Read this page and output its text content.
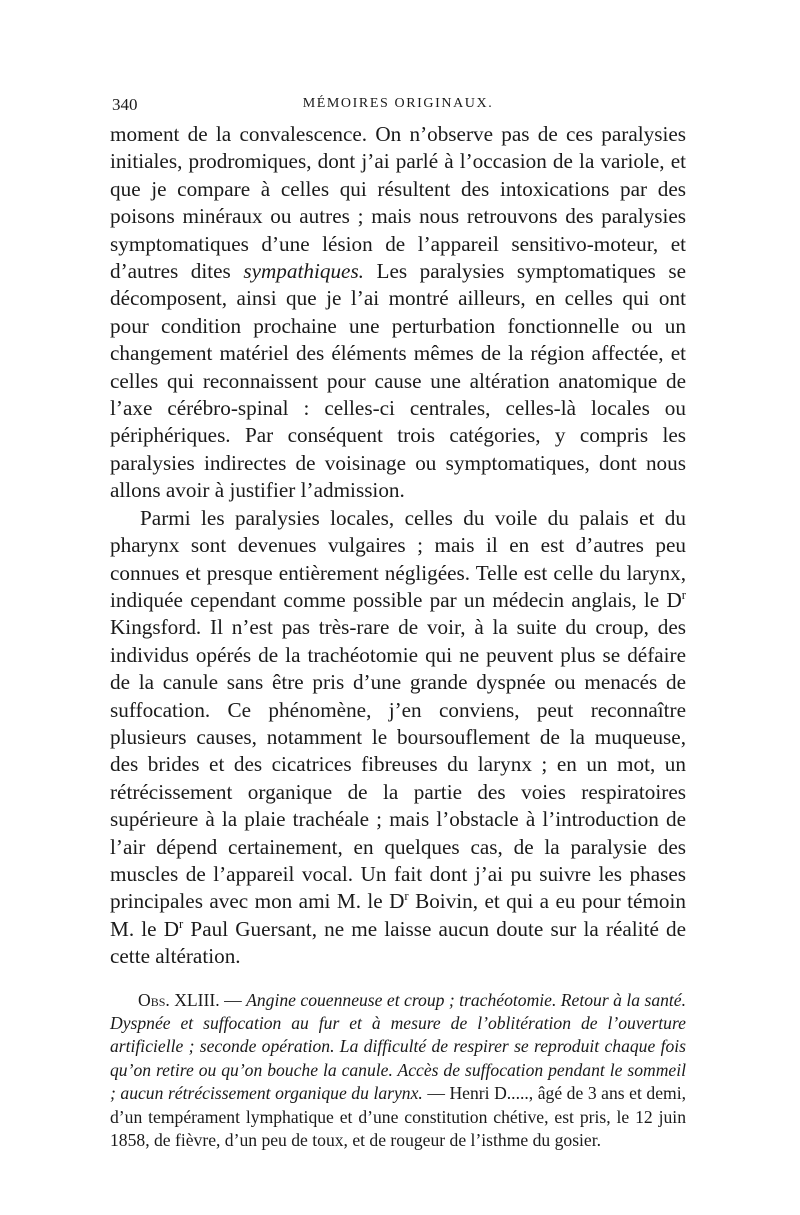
340	MÉMOIRES ORIGINAUX.

moment de la convalescence. On n’observe pas de ces paralysies initiales, prodromiques, dont j’ai parlé à l’occasion de la variole, et que je compare à celles qui résultent des intoxications par des poisons minéraux ou autres ; mais nous retrouvons des paralysies symptomatiques d’une lésion de l’appareil sensitivo-moteur, et d’autres dites sympathiques. Les paralysies symptomatiques se décomposent, ainsi que je l’ai montré ailleurs, en celles qui ont pour condition prochaine une perturbation fonctionnelle ou un changement matériel des éléments mêmes de la région affectée, et celles qui reconnaissent pour cause une altération anatomique de l’axe cérébro-spinal : celles-ci centrales, celles-là locales ou périphériques. Par conséquent trois catégories, y compris les paralysies indirectes de voisinage ou symptomatiques, dont nous allons avoir à justifier l’admission.

Parmi les paralysies locales, celles du voile du palais et du pharynx sont devenues vulgaires ; mais il en est d’autres peu connues et presque entièrement négligées. Telle est celle du larynx, indiquée cependant comme possible par un médecin anglais, le $D^r$ Kingsford. Il n’est pas très-rare de voir, à la suite du croup, des individus opérés de la trachéotomie qui ne peuvent plus se défaire de la canule sans être pris d’une grande dyspnée ou menacés de suffocation. Ce phénomène, j’en conviens, peut reconnaître plusieurs causes, notamment le boursouflement de la muqueuse, des brides et des cicatrices fibreuses du larynx ; en un mot, un rétrécissement organique de la partie des voies respiratoires supérieure à la plaie trachéale ; mais l’obstacle à l’introduction de l’air dépend certainement, en quelques cas, de la paralysie des muscles de l’appareil vocal. Un fait dont j’ai pu suivre les phases principales avec mon ami M. le $D^r$ Boivin, et qui a eu pour témoin M. le $D^r$ Paul Guersant, ne me laisse aucun doute sur la réalité de cette altération.

Obs. XLIII. — Angine couenneuse et croup ; trachéotomie. Retour à la santé. Dyspnée et suffocation au fur et à mesure de l’oblitération de l’ouverture artificielle ; seconde opération. La difficulté de respirer se reproduit chaque fois qu’on retire ou qu’on bouche la canule. Accès de suffocation pendant le sommeil ; aucun rétrécissement organique du larynx. — Henri D....., âgé de 3 ans et demi, d’un tempérament lymphatique et d’une constitution chétive, est pris, le 12 juin 1858, de fièvre, d’un peu de toux, et de rougeur de l’isthme du gosier.
